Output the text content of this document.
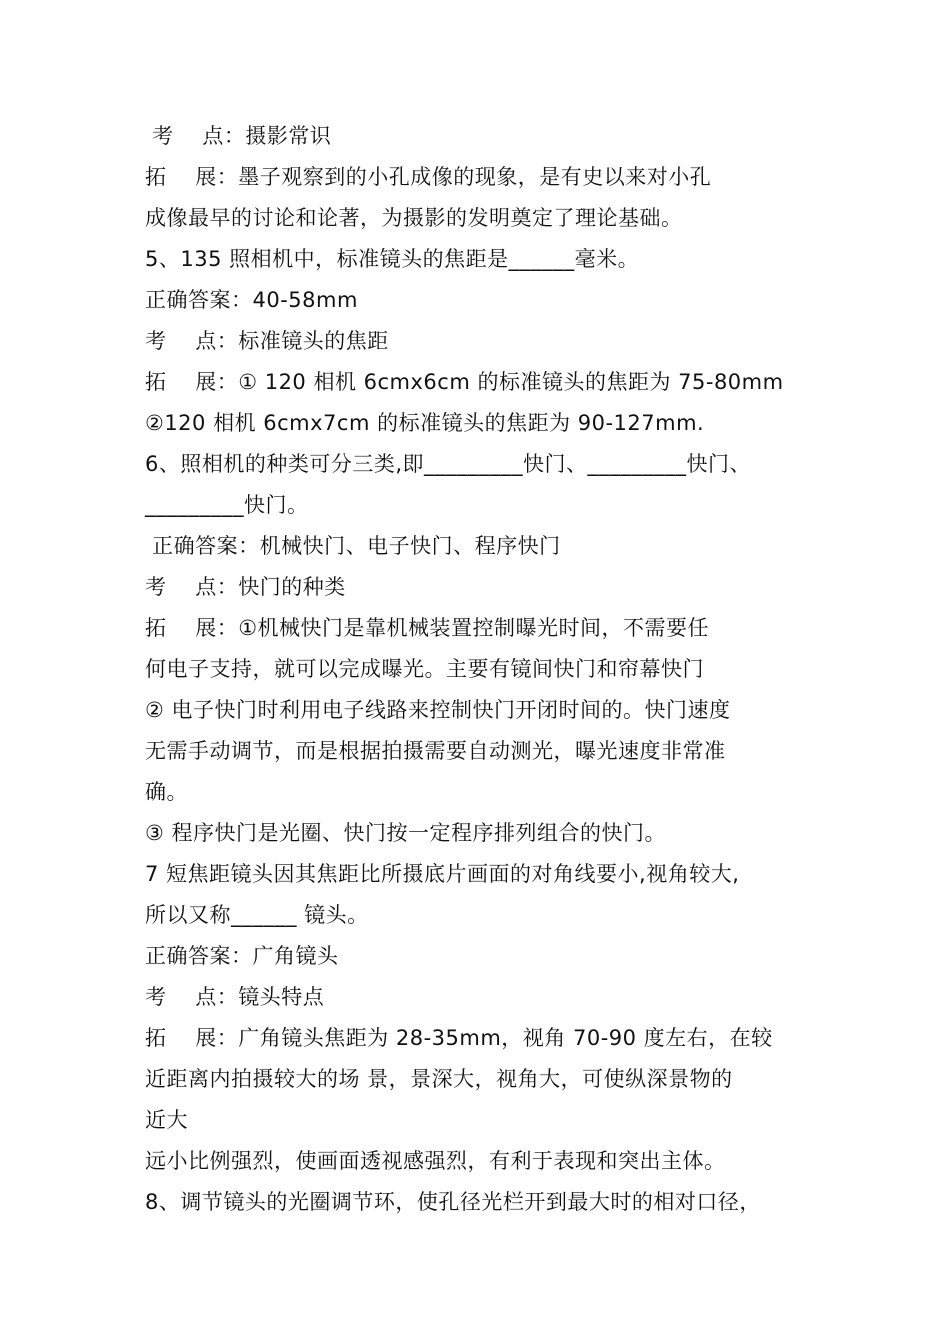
考    点：摄影常识
拓    展：墨子观察到的小孔成像的现象，是有史以来对小孔
成像最早的讨论和论著，为摄影的发明奠定了理论基础。
5、135 照相机中，标准镜头的焦距是______毫米。
正确答案：40-58mm
考    点：标准镜头的焦距
拓    展：① 120 相机 6cmx6cm 的标准镜头的焦距为 75-80mm
②120 相机 6cmx7cm 的标准镜头的焦距为 90-127mm.
6、照相机的种类可分三类,即_________快门、_________快门、
_________快门。
正确答案：机械快门、电子快门、程序快门
考    点：快门的种类
拓    展：①机械快门是靠机械装置控制曝光时间，不需要任
何电子支持，就可以完成曝光。主要有镜间快门和帘幕快门
② 电子快门时利用电子线路来控制快门开闭时间的。快门速度
无需手动调节，而是根据拍摄需要自动测光，曝光速度非常准
确。
③ 程序快门是光圈、快门按一定程序排列组合的快门。
7 短焦距镜头因其焦距比所摄底片画面的对角线要小,视角较大,
所以又称______ 镜头。
正确答案：广角镜头
考    点：镜头特点
拓    展：广角镜头焦距为 28-35mm，视角 70-90 度左右，在较
近距离内拍摄较大的场 景，景深大，视角大，可使纵深景物的
近大
远小比例强烈，使画面透视感强烈，有利于表现和突出主体。
8、调节镜头的光圈调节环，使孔径光栏开到最大时的相对口径，
